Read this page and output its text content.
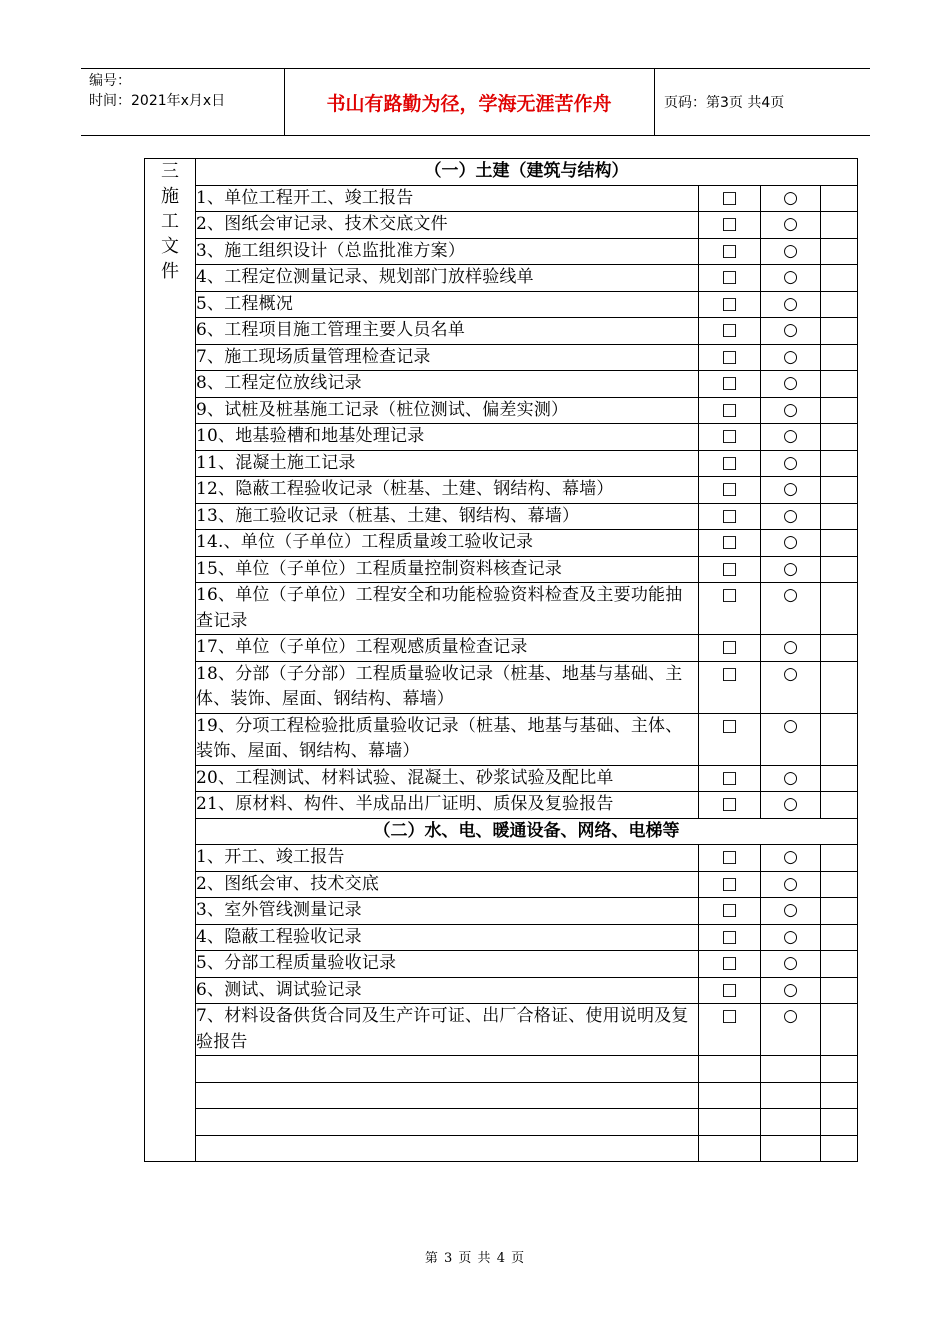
编号：
时间：2021年x月x日	书山有路勤为径，学海无涯苦作舟	页码：第3页 共4页
三施工文件	（一）土建（建筑与结构）			
	1、单位工程开工、竣工报告	□	○	
	2、图纸会审记录、技术交底文件	□	○	
	3、施工组织设计（总监批准方案）	□	○	
	4、工程定位测量记录、规划部门放样验线单	□	○	
	5、工程概况	□	○	
	6、工程项目施工管理主要人员名单	□	○	
	7、施工现场质量管理检查记录	□	○	
	8、工程定位放线记录	□	○	
	9、试桩及桩基施工记录（桩位测试、偏差实测）	□	○	
	10、地基验槽和地基处理记录	□	○	
	11、混凝土施工记录	□	○	
	12、隐蔽工程验收记录（桩基、土建、钢结构、幕墙）	□	○	
	13、施工验收记录（桩基、土建、钢结构、幕墙）	□	○	
	14.、单位（子单位）工程质量竣工验收记录	□	○	
	15、单位（子单位）工程质量控制资料核查记录	□	○	
	16、单位（子单位）工程安全和功能检验资料检查及主要功能抽查记录	□	○	
	17、单位（子单位）工程观感质量检查记录	□	○	
	18、分部（子分部）工程质量验收记录（桩基、地基与基础、主体、装饰、屋面、钢结构、幕墙）	□	○	
	19、分项工程检验批质量验收记录（桩基、地基与基础、主体、装饰、屋面、钢结构、幕墙）	□	○	
	20、工程测试、材料试验、混凝土、砂浆试验及配比单	□	○	
	21、原材料、构件、半成品出厂证明、质保及复验报告	□	○	
	（二）水、电、暖通设备、网络、电梯等			
	1、开工、竣工报告	□	○	
	2、图纸会审、技术交底	□	○	
	3、室外管线测量记录	□	○	
	4、隐蔽工程验收记录	□	○	
	5、分部工程质量验收记录	□	○	
	6、测试、调试验记录	□	○	
	7、材料设备供货合同及生产许可证、出厂合格证、使用说明及复验报告	□	○	

第 3 页 共 4 页
